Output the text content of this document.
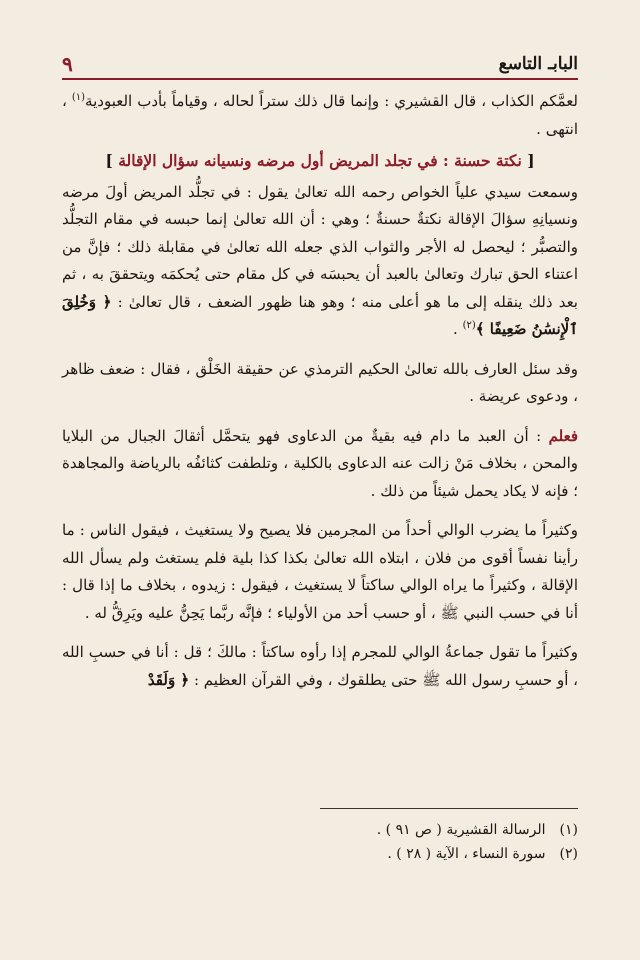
البابـ التاسع
٩

لعمَّكم الكذاب ، قال القشيري : وإنما قال ذلك ستراً لحاله ، وقياماً بأدب العبودية$^{(١)}$ ، انتهى .

[ نكتة حسنة : في تجلد المريض أول مرضه ونسيانه سؤال الإقالة ]

وسمعت سيدي علياً الخواص رحمه الله تعالىٰ يقول : في تجلُّد المريض أولَ مرضه ونسيانِهِ سؤالَ الإقالة نكتةٌ حسنةٌ ؛ وهي : أن الله تعالىٰ إنما حبسه في مقام التجلُّد والتصبُّر ؛ ليحصل له الأجر والثواب الذي جعله الله تعالىٰ في مقابلة ذلك ؛ فإنَّ من اعتناء الحق تبارك وتعالىٰ بالعبد أن يحبسَه في كل مقام حتى يُحكمَه ويتحققَ به ، ثم بعد ذلك ينقله إلى ما هو أعلى منه ؛ وهو هنا ظهور الضعف ، قال تعالىٰ : ﴿ وَخُلِقَ ٱلْإِنسَٰنُ ضَعِيفًا ﴾$^{(٢)}$ .

وقد سئل العارف بالله تعالىٰ الحكيم الترمذي عن حقيقة الخَلْق ، فقال : ضعف ظاهر ، ودعوى عريضة .

فعلم : أن العبد ما دام فيه بقيةٌ من الدعاوى فهو يتحمَّل أثقالَ الجبال من البلايا والمحن ، بخلاف مَنْ زالت عنه الدعاوى بالكلية ، وتلطفت كثائفُه بالرياضة والمجاهدة ؛ فإنه لا يكاد يحمل شيئاً من ذلك .

وكثيراً ما يضرب الوالي أحداً من المجرمين فلا يصيح ولا يستغيث ، فيقول الناس : ما رأينا نفساً أقوى من فلان ، ابتلاه الله تعالىٰ بكذا كذا بلية فلم يستغث ولم يسأل الله الإقالة ، وكثيراً ما يراه الوالي ساكتاً لا يستغيث ، فيقول : زيدوه ، بخلاف ما إذا قال : أنا في حسب النبي ﷺ ، أو حسب أحد من الأولياء ؛ فإنَّه ربَّما يَحِنُّ عليه ويَرِقُّ له .

وكثيراً ما تقول جماعةُ الوالي للمجرم إذا رأوه ساكتاً : مالكَ ؛ قل : أنا في حسبِ الله ، أو حسبِ رسول الله ﷺ حتى يطلقوك ، وفي القرآن العظيم : ﴿ وَلَقَدْ

(١)الرسالة القشيرية ( ص ٩١ ) .
(٢)سورة النساء ، الآية ( ٢٨ ) .
